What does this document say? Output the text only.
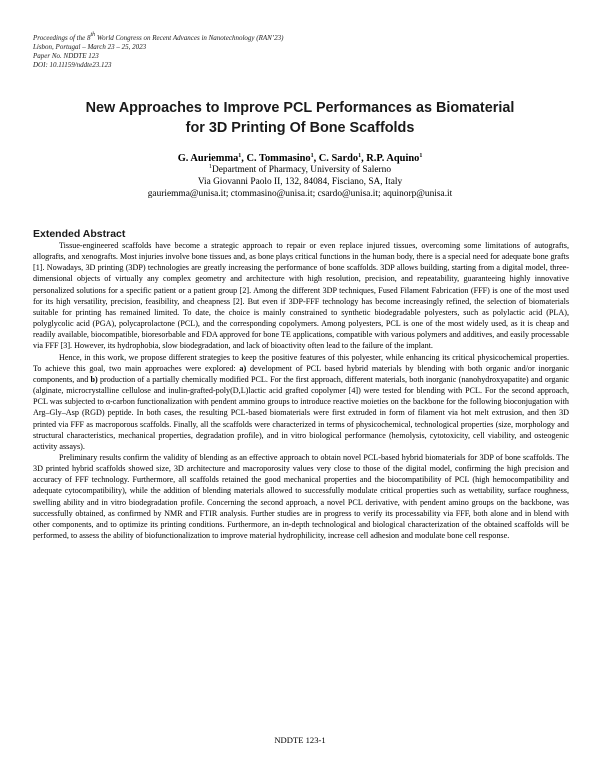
Proceedings of the 8th World Congress on Recent Advances in Nanotechnology (RAN’23)
Lisbon, Portugal – March 23 – 25, 2023
Paper No. NDDTE 123
DOI: 10.11159/nddte23.123
New Approaches to Improve PCL Performances as Biomaterial
for 3D Printing Of Bone Scaffolds
G. Auriemma$^1$, C. Tommasino$^1$, C. Sardo$^1$, R.P. Aquino$^1$
$^1$Department of Pharmacy, University of Salerno
Via Giovanni Paolo II, 132, 84084, Fisciano, SA, Italy
gauriemma@unisa.it; ctommasino@unisa.it; csardo@unisa.it; aquinorp@unisa.it
Extended Abstract

Tissue-engineered scaffolds have become a strategic approach to repair or even replace injured tissues, overcoming some limitations of autografts, allografts, and xenografts. Most injuries involve bone tissues and, as bone plays critical functions in the human body, there is a special need for adequate bone grafts [1]. Nowadays, 3D printing (3DP) technologies are greatly increasing the performance of bone scaffolds. 3DP allows building, starting from a digital model, three-dimensional objects of virtually any complex geometry and architecture with high resolution, precision, and repeatability, guaranteeing highly innovative personalized solutions for a specific patient or a patient group [2]. Among the different 3DP techniques, Fused Filament Fabrication (FFF) is one of the most used for its high versatility, precision, feasibility, and cheapness [2]. But even if 3DP-FFF technology has become increasingly refined, the selection of biomaterials suitable for printing has remained limited. To date, the choice is mainly constrained to synthetic biodegradable polyesters, such as polylactic acid (PLA), polyglycolic acid (PGA), polycaprolactone (PCL), and the corresponding copolymers. Among polyesters, PCL is one of the most widely used, as it is cheap and readily available, biocompatible, bioresorbable and FDA approved for bone TE applications, compatible with various polymers and additives, and easily processable via FFF [3]. However, its hydrophobia, slow biodegradation, and lack of bioactivity often lead to the failure of the implant.

Hence, in this work, we propose different strategies to keep the positive features of this polyester, while enhancing its critical physicochemical properties. To achieve this goal, two main approaches were explored: a) development of PCL based hybrid materials by blending with both organic and/or inorganic components, and b) production of a partially chemically modified PCL. For the first approach, different materials, both inorganic (nanohydroxyapatite) and organic (alginate, microcrystalline cellulose and inulin-grafted-poly(D,L)lactic acid grafted copolymer [4]) were tested for blending with PCL. For the second approach, PCL was subjected to α-carbon functionalization with pendent ammino groups to introduce reactive moieties on the backbone for the following bioconjugation with Arg–Gly–Asp (RGD) peptide. In both cases, the resulting PCL-based biomaterials were first extruded in form of filament via hot melt extrusion, and then 3D printed via FFF as macroporous scaffolds. Finally, all the scaffolds were characterized in terms of physicochemical, technological properties (size, morphology and structural characteristics, mechanical properties, degradation profile), and in vitro biological performance (hemolysis, cytotoxicity, cell viability, and osteogenic activity assays).

Preliminary results confirm the validity of blending as an effective approach to obtain novel PCL-based hybrid biomaterials for 3DP of bone scaffolds. The 3D printed hybrid scaffolds showed size, 3D architecture and macroporosity values very close to those of the digital model, confirming the high precision and accuracy of FFF technology. Furthermore, all scaffolds retained the good mechanical properties and the biocompatibility of PCL (high hemocompatibility and adequate cytocompatibility), while the addition of blending materials allowed to successfully modulate critical properties such as wettability, surface roughness, swelling ability and in vitro biodegradation profile. Concerning the second approach, a novel PCL derivative, with pendent amino groups on the backbone, was successfully obtained, as confirmed by NMR and FTIR analysis. Further studies are in progress to verify its processability via FFF, both alone and in blend with other components, and to optimize its printing conditions. Furthermore, an in-depth technological and biological characterization of the obtained scaffolds will be performed, to assess the ability of biofunctionalization to improve material hydrophilicity, increase cell adhesion and modulate bone cell response.

NDDTE 123-1
